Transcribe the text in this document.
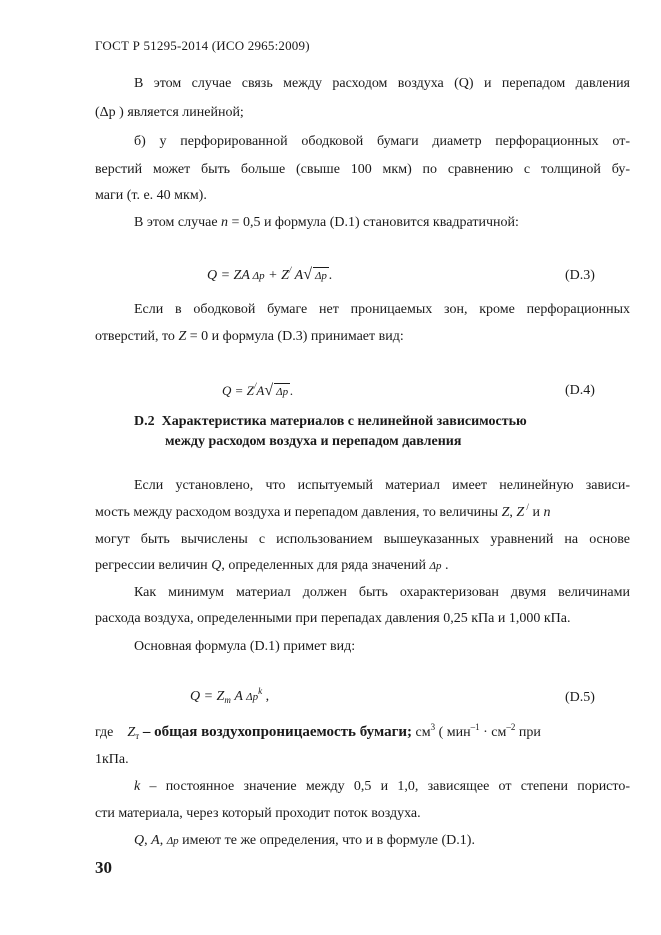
ГОСТ Р 51295-2014 (ИСО 2965:2009)
В этом случае связь между расходом воздуха (Q) и перепадом давления
(Δp ) является линейной;
б) у перфорированной ободковой бумаги диаметр перфорационных от-
верстий может быть больше (свыше 100 мкм) по сравнению с толщиной бу-
маги (т. е. 40 мкм).
В этом случае n = 0,5 и формула (D.1) становится квадратичной:
Q = ZA Δp + Z/ A√ Δp .	(D.3)
Если в ободковой бумаге нет проницаемых зон, кроме перфорационных
отверстий, то Z = 0 и формула (D.3) принимает вид:
Q = Z/A√ Δp .	(D.4)
D.2 Характеристика материалов с нелинейной зависимостью
между расходом воздуха и перепадом давления
Если установлено, что испытуемый материал имеет нелинейную зависи-
мость между расходом воздуха и перепадом давления, то величины Z, Z / и n
могут быть вычислены с использованием вышеуказанных уравнений на основе
регрессии величин Q, определенных для ряда значений Δp .
Как минимум материал должен быть охарактеризован двумя величинами
расхода воздуха, определенными при перепадах давления 0,25 кПа и 1,000 кПа.
Основная формула (D.1) примет вид:
$Q = Z_т$ A $\Delta p^k$ ,	(D.5)
где $Z_т$ – общая воздухопроницаемость бумаги; $см^3$ ( $мин^{-1} \cdot см^{-2}$ при
1кПа.
k – постоянное значение между 0,5 и 1,0, зависящее от степени пористо-
сти материала, через который проходит поток воздуха.
Q, A, Δp имеют те же определения, что и в формуле (D.1).
30
